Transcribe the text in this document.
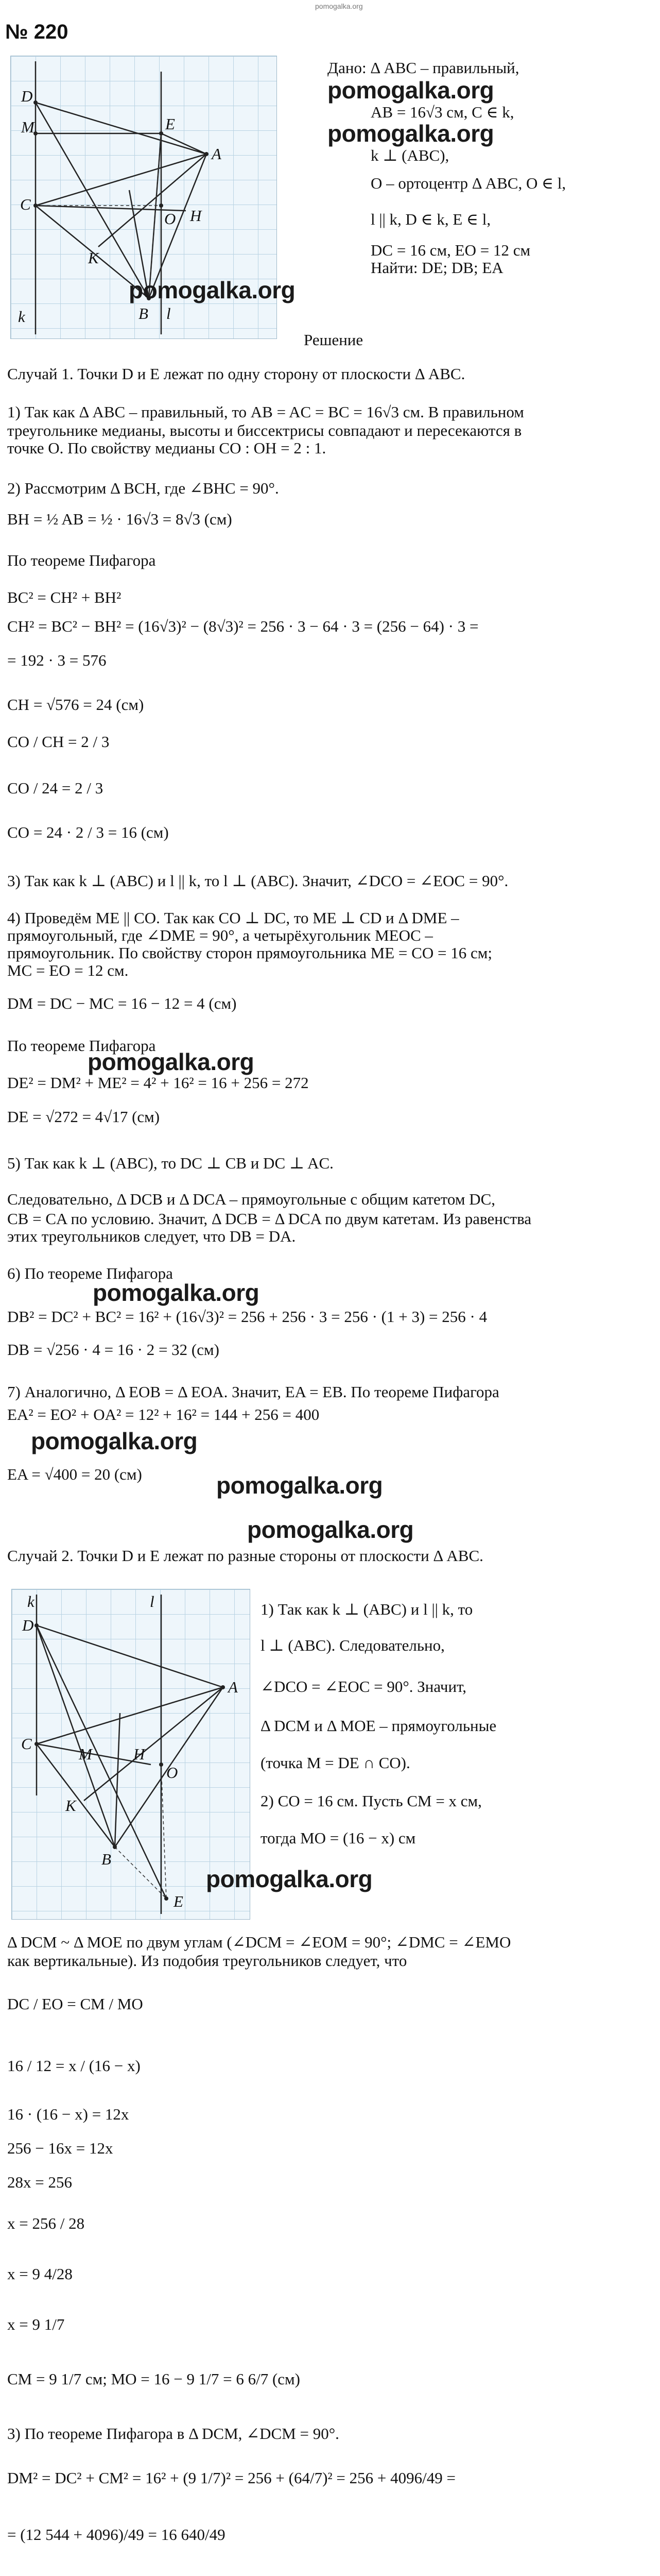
pomogalka.org
№ 220
D
M	E
A
C
O H
K
B l
k
Дано: Δ ABC – правильный,
pomogalka.org
AB = 16√3 см, C ∈ k,
pomogalka.org
k ⊥ (ABC),
O – ортоцентр Δ ABC, O ∈ l,
l || k, D ∈ k, E ∈ l,
DC = 16 см, EO = 12 см
Найти: DE; DB; EA
pomogalka.org
Решение
Случай 1. Точки D и E лежат по одну сторону от плоскости Δ ABC.
1) Так как Δ ABC – правильный, то AB = AC = BC = 16√3 см. В правильном
треугольнике медианы, высоты и биссектрисы совпадают и пересекаются в
точке O. По свойству медианы CO : OH = 2 : 1.
2) Рассмотрим Δ BCH, где ∠BHC = 90°.
BH = ½ AB = ½ · 16√3 = 8√3 (см)
По теореме Пифагора
BC² = CH² + BH²
CH² = BC² − BH² = (16√3)² − (8√3)² = 256 · 3 − 64 · 3 = (256 − 64) · 3 =
= 192 · 3 = 576
CH = √576 = 24 (см)
CO / CH = 2 / 3
CO / 24 = 2 / 3
CO = 24 · 2 / 3 = 16 (см)
3) Так как k ⊥ (ABC) и l || k, то l ⊥ (ABC). Значит, ∠DCO = ∠EOC = 90°.
4) Проведём ME || CO. Так как CO ⊥ DC, то ME ⊥ CD и Δ DME –
прямоугольный, где ∠DME = 90°, а четырёхугольник MEOC –
прямоугольник. По свойству сторон прямоугольника ME = CO = 16 см;
MC = EO = 12 см.
DM = DC − MC = 16 − 12 = 4 (см)
По теореме Пифагора
pomogalka.org
DE² = DM² + ME² = 4² + 16² = 16 + 256 = 272
DE = √272 = 4√17 (см)
5) Так как k ⊥ (ABC), то DC ⊥ CB и DC ⊥ AC.
Следовательно, Δ DCB и Δ DCA – прямоугольные с общим катетом DC,
CB = CA по условию. Значит, Δ DCB = Δ DCA по двум катетам. Из равенства
этих треугольников следует, что DB = DA.
6) По теореме Пифагора
pomogalka.org
DB² = DC² + BC² = 16² + (16√3)² = 256 + 256 · 3 = 256 · (1 + 3) = 256 · 4
DB = √256 · 4 = 16 · 2 = 32 (см)
7) Аналогично, Δ EOB = Δ EOA. Значит, EA = EB. По теореме Пифагора
EA² = EO² + OA² = 12² + 16² = 144 + 256 = 400
pomogalka.org
EA = √400 = 20 (см)	pomogalka.org
pomogalka.org
Случай 2. Точки D и E лежат по разные стороны от плоскости Δ ABC.
k	l
D
A
C
M	H
K
O
B
E
1) Так как k ⊥ (ABC) и l || k, то
l ⊥ (ABC). Следовательно,
∠DCO = ∠EOC = 90°. Значит,
Δ DCM и Δ MOE – прямоугольные
(точка M = DE ∩ CO).
2) CO = 16 см. Пусть CM = x см,
тогда MO = (16 − x) см
pomogalka.org
Δ DCM ~ Δ MOE по двум углам (∠DCM = ∠EOM = 90°; ∠DMC = ∠EMO
как вертикальные). Из подобия треугольников следует, что
DC / EO = CM / MO
16 / 12 = x / (16 − x)
16 · (16 − x) = 12x
256 − 16x = 12x
28x = 256
x = 256 / 28
x = 9 4/28
x = 9 1/7
CM = 9 1/7 см; MO = 16 − 9 1/7 = 6 6/7 (см)
3) По теореме Пифагора в Δ DCM, ∠DCM = 90°.
DM² = DC² + CM² = 16² + (9 1/7)² = 256 + (64/7)² = 256 + 4096/49 =
= (12 544 + 4096)/49 = 16 640/49
